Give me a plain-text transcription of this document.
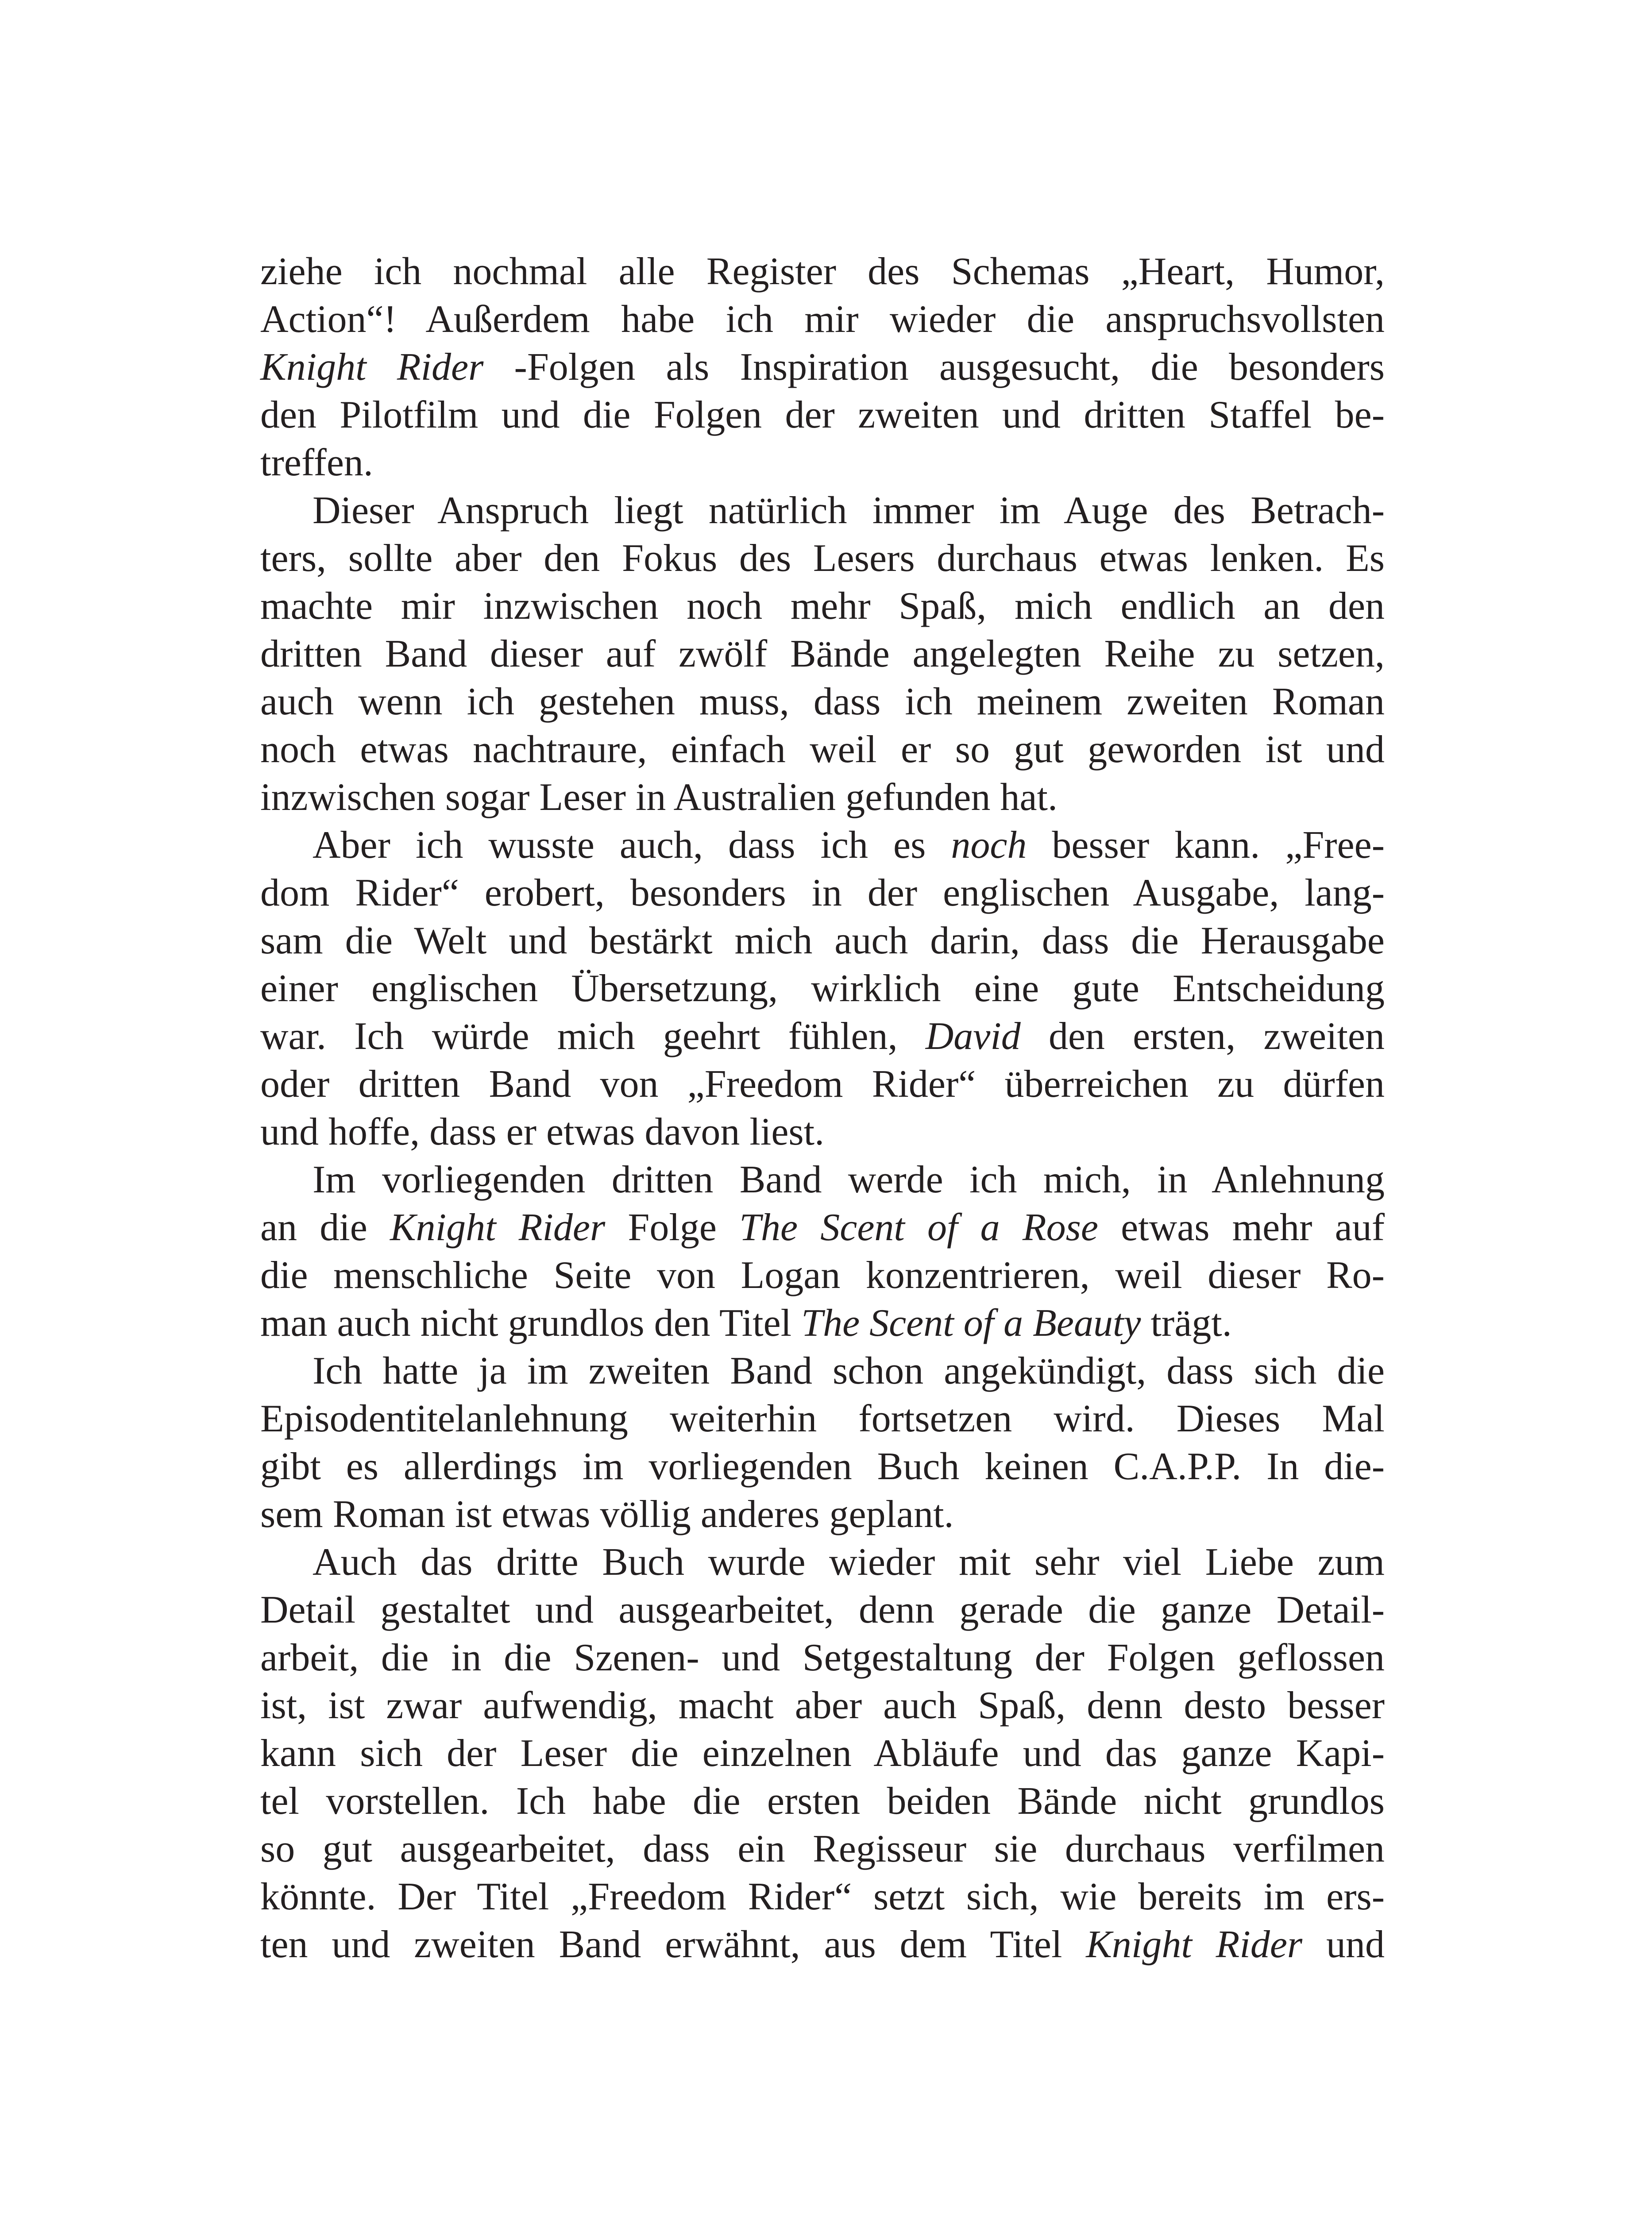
ziehe ich nochmal alle Register des Schemas „Heart, Humor,
Action“! Außerdem habe ich mir wieder die anspruchsvollsten
Knight Rider -Folgen als Inspiration ausgesucht, die besonders
den Pilotfilm und die Folgen der zweiten und dritten Staffel be-
treffen.
Dieser Anspruch liegt natürlich immer im Auge des Betrach-
ters, sollte aber den Fokus des Lesers durchaus etwas lenken. Es
machte mir inzwischen noch mehr Spaß, mich endlich an den
dritten Band dieser auf zwölf Bände angelegten Reihe zu setzen,
auch wenn ich gestehen muss, dass ich meinem zweiten Roman
noch etwas nachtraure, einfach weil er so gut geworden ist und
inzwischen sogar Leser in Australien gefunden hat.
Aber ich wusste auch, dass ich es noch besser kann. „Free-
dom Rider“ erobert, besonders in der englischen Ausgabe, lang-
sam die Welt und bestärkt mich auch darin, dass die Herausgabe
einer englischen Übersetzung, wirklich eine gute Entscheidung
war. Ich würde mich geehrt fühlen, David den ersten, zweiten
oder dritten Band von „Freedom Rider“ überreichen zu dürfen
und hoffe, dass er etwas davon liest.
Im vorliegenden dritten Band werde ich mich, in Anlehnung
an die Knight Rider Folge The Scent of a Rose etwas mehr auf
die menschliche Seite von Logan konzentrieren, weil dieser Ro-
man auch nicht grundlos den Titel The Scent of a Beauty trägt.
Ich hatte ja im zweiten Band schon angekündigt, dass sich die
Episodentitelanlehnung weiterhin fortsetzen wird. Dieses Mal
gibt es allerdings im vorliegenden Buch keinen C.A.P.P. In die-
sem Roman ist etwas völlig anderes geplant.
Auch das dritte Buch wurde wieder mit sehr viel Liebe zum
Detail gestaltet und ausgearbeitet, denn gerade die ganze Detail-
arbeit, die in die Szenen- und Setgestaltung der Folgen geflossen
ist, ist zwar aufwendig, macht aber auch Spaß, denn desto besser
kann sich der Leser die einzelnen Abläufe und das ganze Kapi-
tel vorstellen. Ich habe die ersten beiden Bände nicht grundlos
so gut ausgearbeitet, dass ein Regisseur sie durchaus verfilmen
könnte. Der Titel „Freedom Rider“ setzt sich, wie bereits im ers-
ten und zweiten Band erwähnt, aus dem Titel Knight Rider und
